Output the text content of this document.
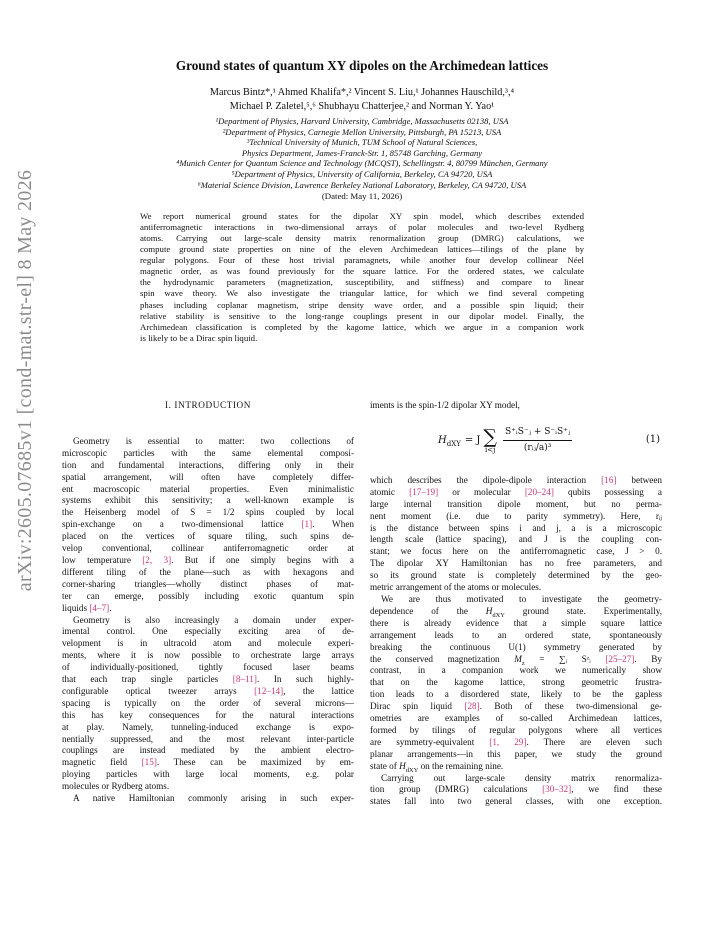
arXiv:2605.07685v1 [cond-mat.str-el] 8 May 2026
Ground states of quantum XY dipoles on the Archimedean lattices
Marcus Bintz*,¹ Ahmed Khalifa*,² Vincent S. Liu,¹ Johannes Hauschild,³,⁴
Michael P. Zaletel,⁵,⁶ Shubhayu Chatterjee,² and Norman Y. Yao¹
¹Department of Physics, Harvard University, Cambridge, Massachusetts 02138, USA
²Department of Physics, Carnegie Mellon University, Pittsburgh, PA 15213, USA
³Technical University of Munich, TUM School of Natural Sciences,
Physics Department, James-Franck-Str. 1, 85748 Garching, Germany
⁴Munich Center for Quantum Science and Technology (MCQST), Schellingstr. 4, 80799 München, Germany
⁵Department of Physics, University of California, Berkeley, CA 94720, USA
⁶Material Science Division, Lawrence Berkeley National Laboratory, Berkeley, CA 94720, USA
(Dated: May 11, 2026)
We report numerical ground states for the dipolar XY spin model, which describes extended
antiferromagnetic interactions in two-dimensional arrays of polar molecules and two-level Rydberg
atoms. Carrying out large-scale density matrix renormalization group (DMRG) calculations, we
compute ground state properties on nine of the eleven Archimedean lattices—tilings of the plane by
regular polygons. Four of these host trivial paramagnets, while another four develop collinear Néel
magnetic order, as was found previously for the square lattice. For the ordered states, we calculate
the hydrodynamic parameters (magnetization, susceptibility, and stiffness) and compare to linear
spin wave theory. We also investigate the triangular lattice, for which we find several competing
phases including coplanar magnetism, stripe density wave order, and a possible spin liquid; their
relative stability is sensitive to the long-range couplings present in our dipolar model. Finally, the
Archimedean classification is completed by the kagome lattice, which we argue in a companion work
is likely to be a Dirac spin liquid.
I. INTRODUCTION

Geometry is essential to matter: two collections of
microscopic particles with the same elemental composi-
tion and fundamental interactions, differing only in their
spatial arrangement, will often have completely differ-
ent macroscopic material properties. Even minimalistic
systems exhibit this sensitivity; a well-known example is
the Heisenberg model of S = 1/2 spins coupled by local
spin-exchange on a two-dimensional lattice [1]. When
placed on the vertices of square tiling, such spins de-
velop conventional, collinear antiferromagnetic order at
low temperature [2, 3]. But if one simply begins with a
different tiling of the plane—such as with hexagons and
corner-sharing triangles—wholly distinct phases of mat-
ter can emerge, possibly including exotic quantum spin
liquids [4–7].
Geometry is also increasingly a domain under exper-
imental control. One especially exciting area of de-
velopment is in ultracold atom and molecule experi-
ments, where it is now possible to orchestrate large arrays
of individually-positioned, tightly focused laser beams
that each trap single particles [8–11]. In such highly-
configurable optical tweezer arrays [12–14], the lattice
spacing is typically on the order of several microns—
this has key consequences for the natural interactions
at play. Namely, tunneling-induced exchange is expo-
nentially suppressed, and the most relevant inter-particle
couplings are instead mediated by the ambient electro-
magnetic field [15]. These can be maximized by em-
ploying particles with large local moments, e.g. polar
molecules or Rydberg atoms.
A native Hamiltonian commonly arising in such exper-
iments is the spin-1/2 dipolar XY model,
$H_{dXY} = J$ ∑
$i<j \frac{\text{S⁺ᵢS⁻ⱼ + S⁻ᵢS⁺ⱼ}}{\text{(rᵢⱼ/a)³}}$	(1)
which describes the dipole-dipole interaction [16] between
atomic [17–19] or molecular [20–24] qubits possessing a
large internal transition dipole moment, but no perma-
nent moment (i.e. due to parity symmetry). Here, rᵢⱼ
is the distance between spins i and j, a is a microscopic
length scale (lattice spacing), and J is the coupling con-
stant; we focus here on the antiferromagnetic case, J > 0.
The dipolar XY Hamiltonian has no free parameters, and
so its ground state is completely determined by the geo-
metric arrangement of the atoms or molecules.
We are thus motivated to investigate the geometry-
dependence of the $H_{dXY}$ ground state. Experimentally,
there is already evidence that a simple square lattice
arrangement leads to an ordered state, spontaneously
breaking the continuous U(1) symmetry generated by
the conserved magnetization $M_z$ = ∑ᵢ Sᶻᵢ [25–27]. By
contrast, in a companion work we numerically show
that on the kagome lattice, strong geometric frustra-
tion leads to a disordered state, likely to be the gapless
Dirac spin liquid [28]. Both of these two-dimensional ge-
ometries are examples of so-called Archimedean lattices,
formed by tilings of regular polygons where all vertices
are symmetry-equivalent [1, 29]. There are eleven such
planar arrangements—in this paper, we study the ground
state of $H_{dXY}$ on the remaining nine.
Carrying out large-scale density matrix renormaliza-
tion group (DMRG) calculations [30–32], we find these
states fall into two general classes, with one exception.
